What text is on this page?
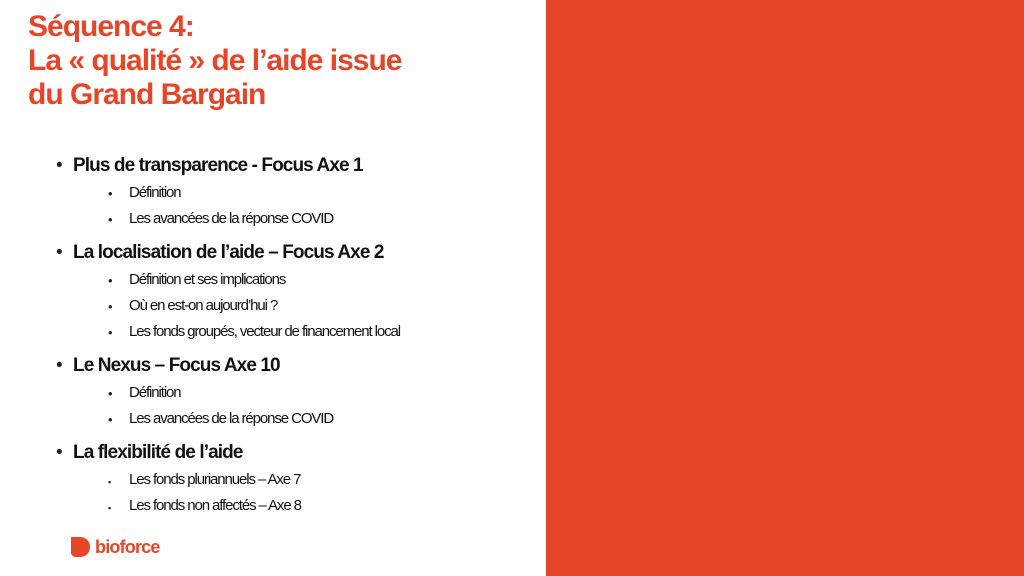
Séquence 4:
La « qualité » de l’aide issue
du Grand Bargain
• Plus de transparence - Focus Axe 1
• Définition
• Les avancées de la réponse COVID
• La localisation de l’aide – Focus Axe 2
• Définition et ses implications
• Où en est-on aujourd’hui ?
• Les fonds groupés, vecteur de financement local
• Le Nexus – Focus Axe 10
• Définition
• Les avancées de la réponse COVID
• La flexibilité de l’aide
▪ Les fonds pluriannuels – Axe 7
▪ Les fonds non affectés – Axe 8
bioforce
